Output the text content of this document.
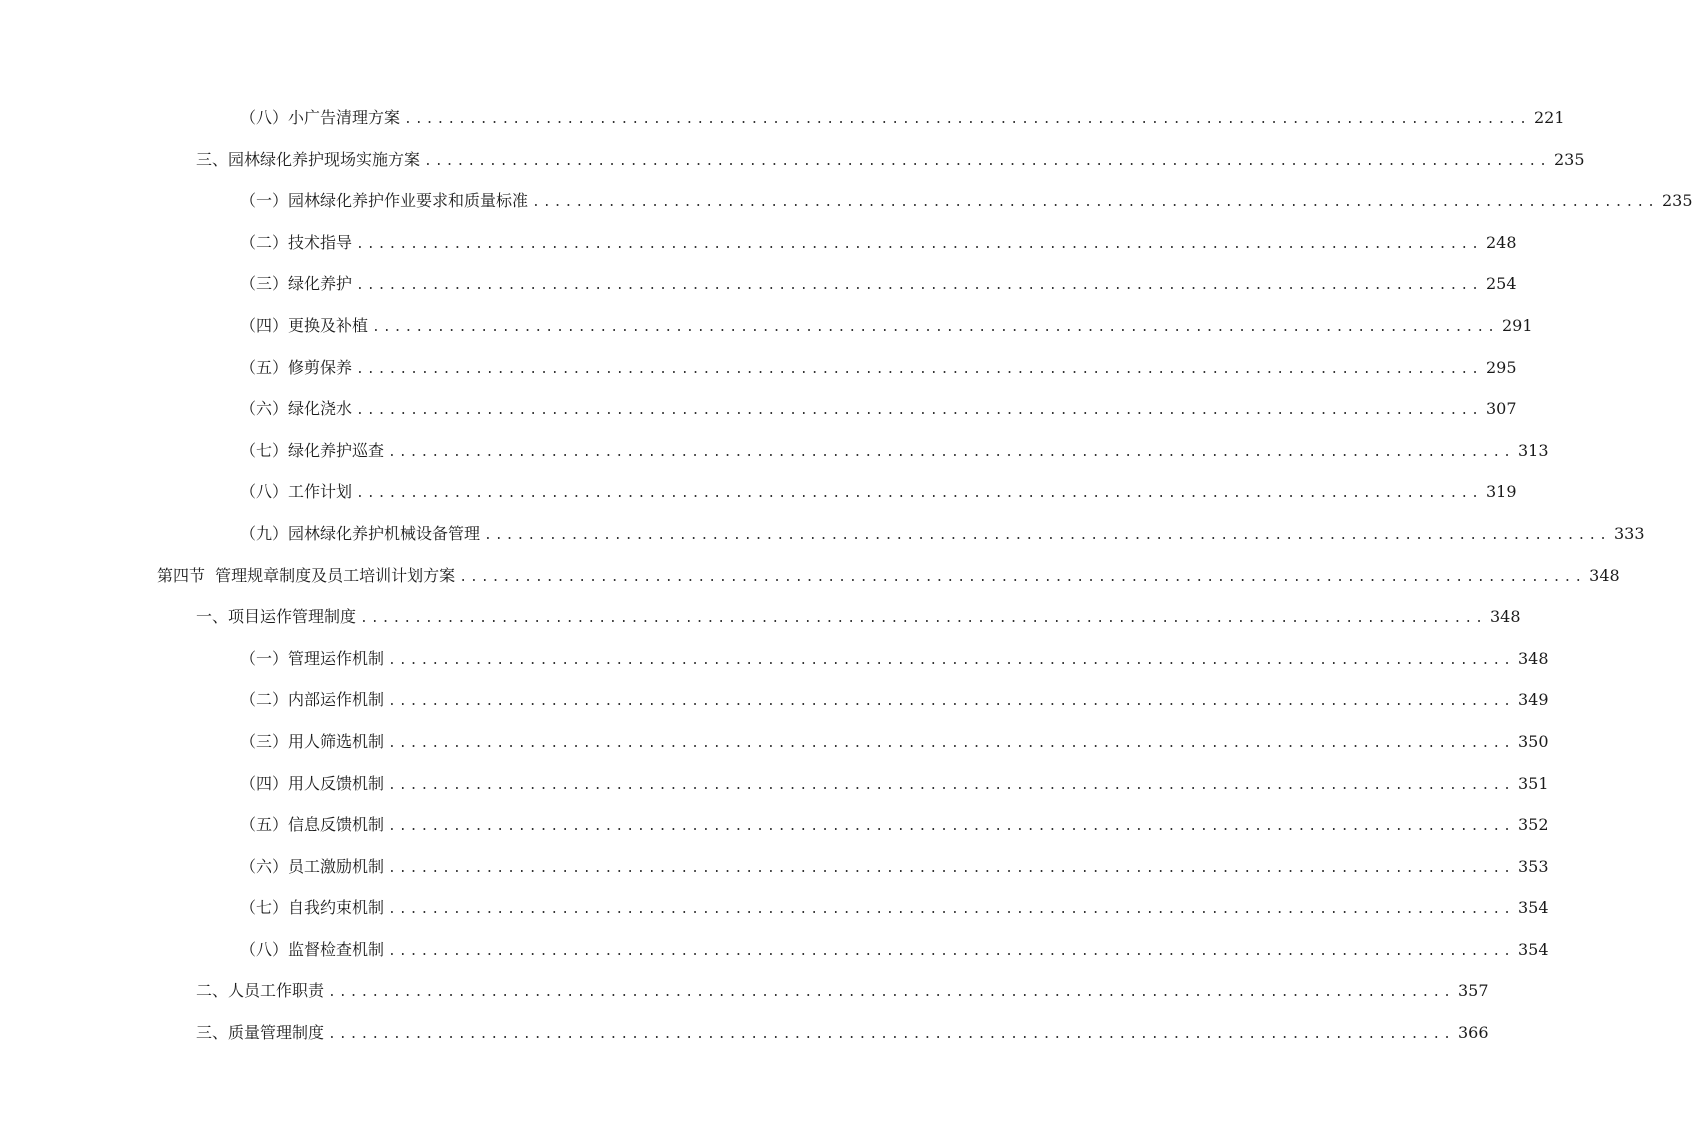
（八）小广告清理方案 ........................................................................................................ 221
三、园林绿化养护现场实施方案 ........................................................................................................ 235
（一）园林绿化养护作业要求和质量标准 ........................................................................................................ 235
（二）技术指导 ........................................................................................................ 248
（三）绿化养护 ........................................................................................................ 254
（四）更换及补植 ........................................................................................................ 291
（五）修剪保养 ........................................................................................................ 295
（六）绿化浇水 ........................................................................................................ 307
（七）绿化养护巡查 ........................................................................................................ 313
（八）工作计划 ........................................................................................................ 319
（九）园林绿化养护机械设备管理 ........................................................................................................ 333
第四节  管理规章制度及员工培训计划方案 ........................................................................................................ 348
一、项目运作管理制度 ........................................................................................................ 348
（一）管理运作机制 ........................................................................................................ 348
（二）内部运作机制 ........................................................................................................ 349
（三）用人筛选机制 ........................................................................................................ 350
（四）用人反馈机制 ........................................................................................................ 351
（五）信息反馈机制 ........................................................................................................ 352
（六）员工激励机制 ........................................................................................................ 353
（七）自我约束机制 ........................................................................................................ 354
（八）监督检查机制 ........................................................................................................ 354
二、人员工作职责 ........................................................................................................ 357
三、质量管理制度 ........................................................................................................ 366
